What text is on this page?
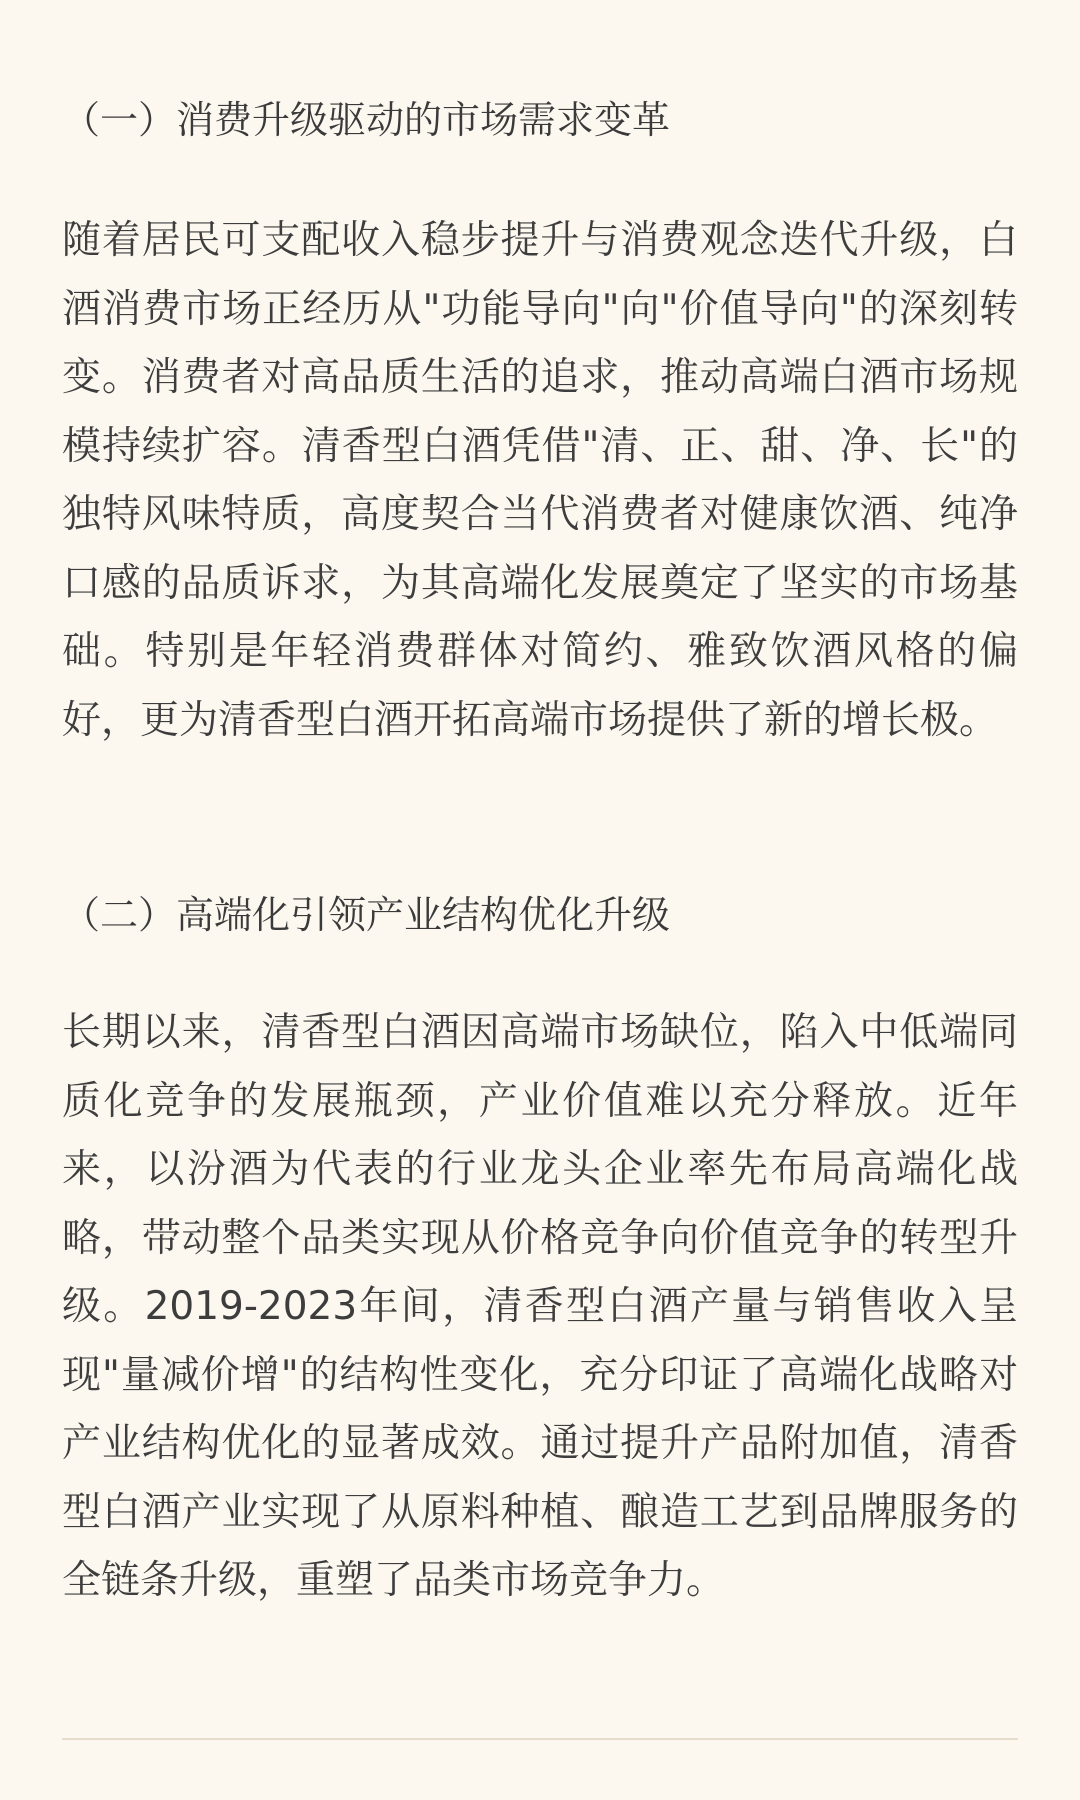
（一）消费升级驱动的市场需求变革

随着居民可支配收入稳步提升与消费观念迭代升级，白酒消费市场正经历从"功能导向"向"价值导向"的深刻转变。消费者对高品质生活的追求，推动高端白酒市场规模持续扩容。清香型白酒凭借"清、正、甜、净、长"的独特风味特质，高度契合当代消费者对健康饮酒、纯净口感的品质诉求，为其高端化发展奠定了坚实的市场基础。特别是年轻消费群体对简约、雅致饮酒风格的偏好，更为清香型白酒开拓高端市场提供了新的增长极。

（二）高端化引领产业结构优化升级

长期以来，清香型白酒因高端市场缺位，陷入中低端同质化竞争的发展瓶颈，产业价值难以充分释放。近年来，以汾酒为代表的行业龙头企业率先布局高端化战略，带动整个品类实现从价格竞争向价值竞争的转型升级。2019-2023年间，清香型白酒产量与销售收入呈现"量减价增"的结构性变化，充分印证了高端化战略对产业结构优化的显著成效。通过提升产品附加值，清香型白酒产业实现了从原料种植、酿造工艺到品牌服务的全链条升级，重塑了品类市场竞争力。
